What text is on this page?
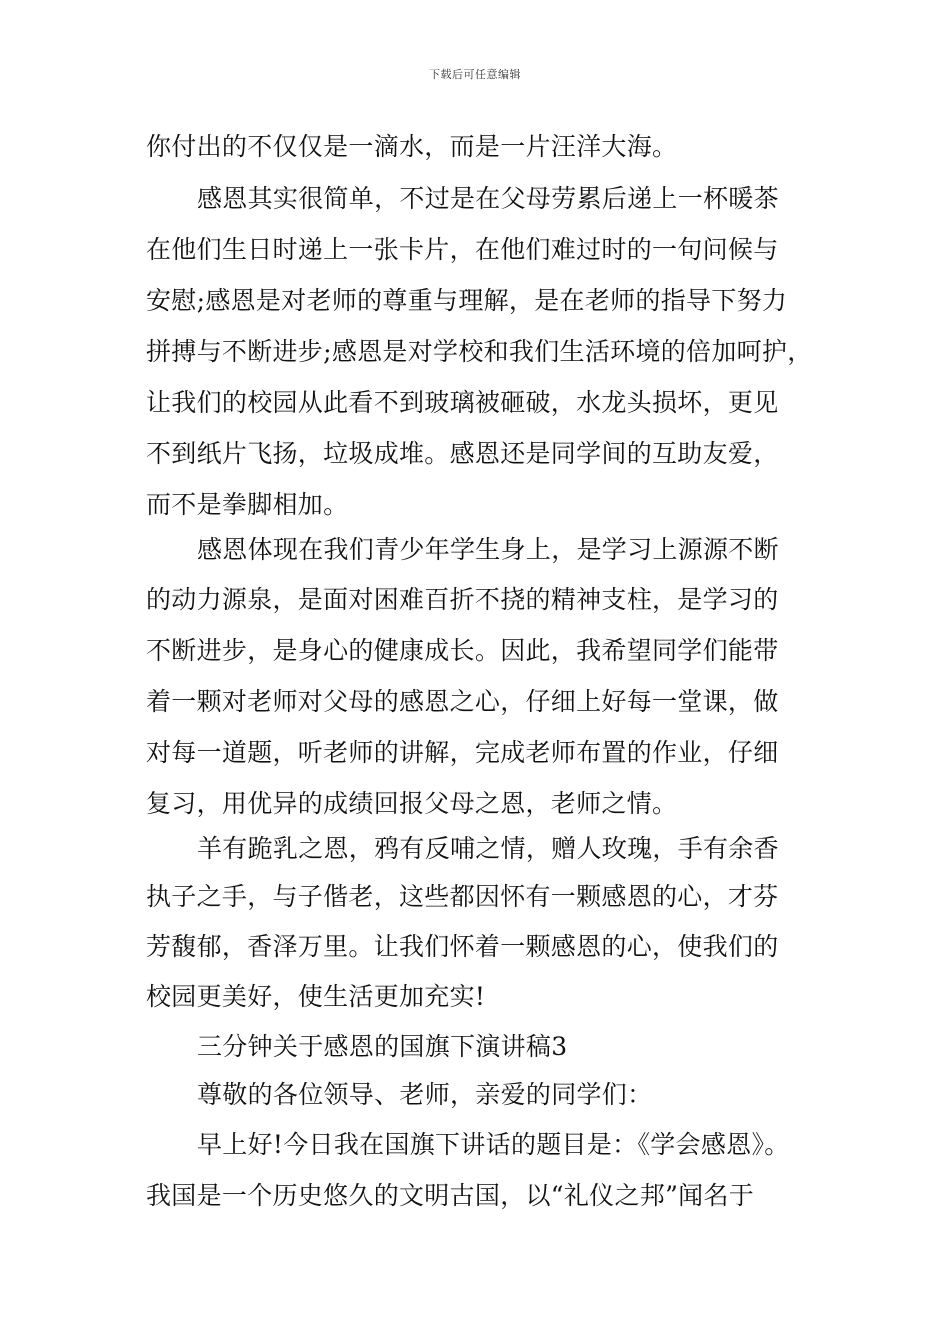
下载后可任意编辑
你付出的不仅仅是一滴水，而是一片汪洋大海。
感恩其实很简单，不过是在父母劳累后递上一杯暖茶
在他们生日时递上一张卡片，在他们难过时的一句问候与
安慰;感恩是对老师的尊重与理解，是在老师的指导下努力
拼搏与不断进步;感恩是对学校和我们生活环境的倍加呵护，
让我们的校园从此看不到玻璃被砸破，水龙头损坏，更见
不到纸片飞扬，垃圾成堆。感恩还是同学间的互助友爱，
而不是拳脚相加。
感恩体现在我们青少年学生身上，是学习上源源不断
的动力源泉，是面对困难百折不挠的精神支柱，是学习的
不断进步，是身心的健康成长。因此，我希望同学们能带
着一颗对老师对父母的感恩之心，仔细上好每一堂课，做
对每一道题，听老师的讲解，完成老师布置的作业，仔细
复习，用优异的成绩回报父母之恩，老师之情。
羊有跪乳之恩，鸦有反哺之情，赠人玫瑰，手有余香
执子之手，与子偕老，这些都因怀有一颗感恩的心，才芬
芳馥郁，香泽万里。让我们怀着一颗感恩的心，使我们的
校园更美好，使生活更加充实!
三分钟关于感恩的国旗下演讲稿3
尊敬的各位领导、老师，亲爱的同学们：
早上好!今日我在国旗下讲话的题目是：《学会感恩》。
我国是一个历史悠久的文明古国，以“礼仪之邦”闻名于
